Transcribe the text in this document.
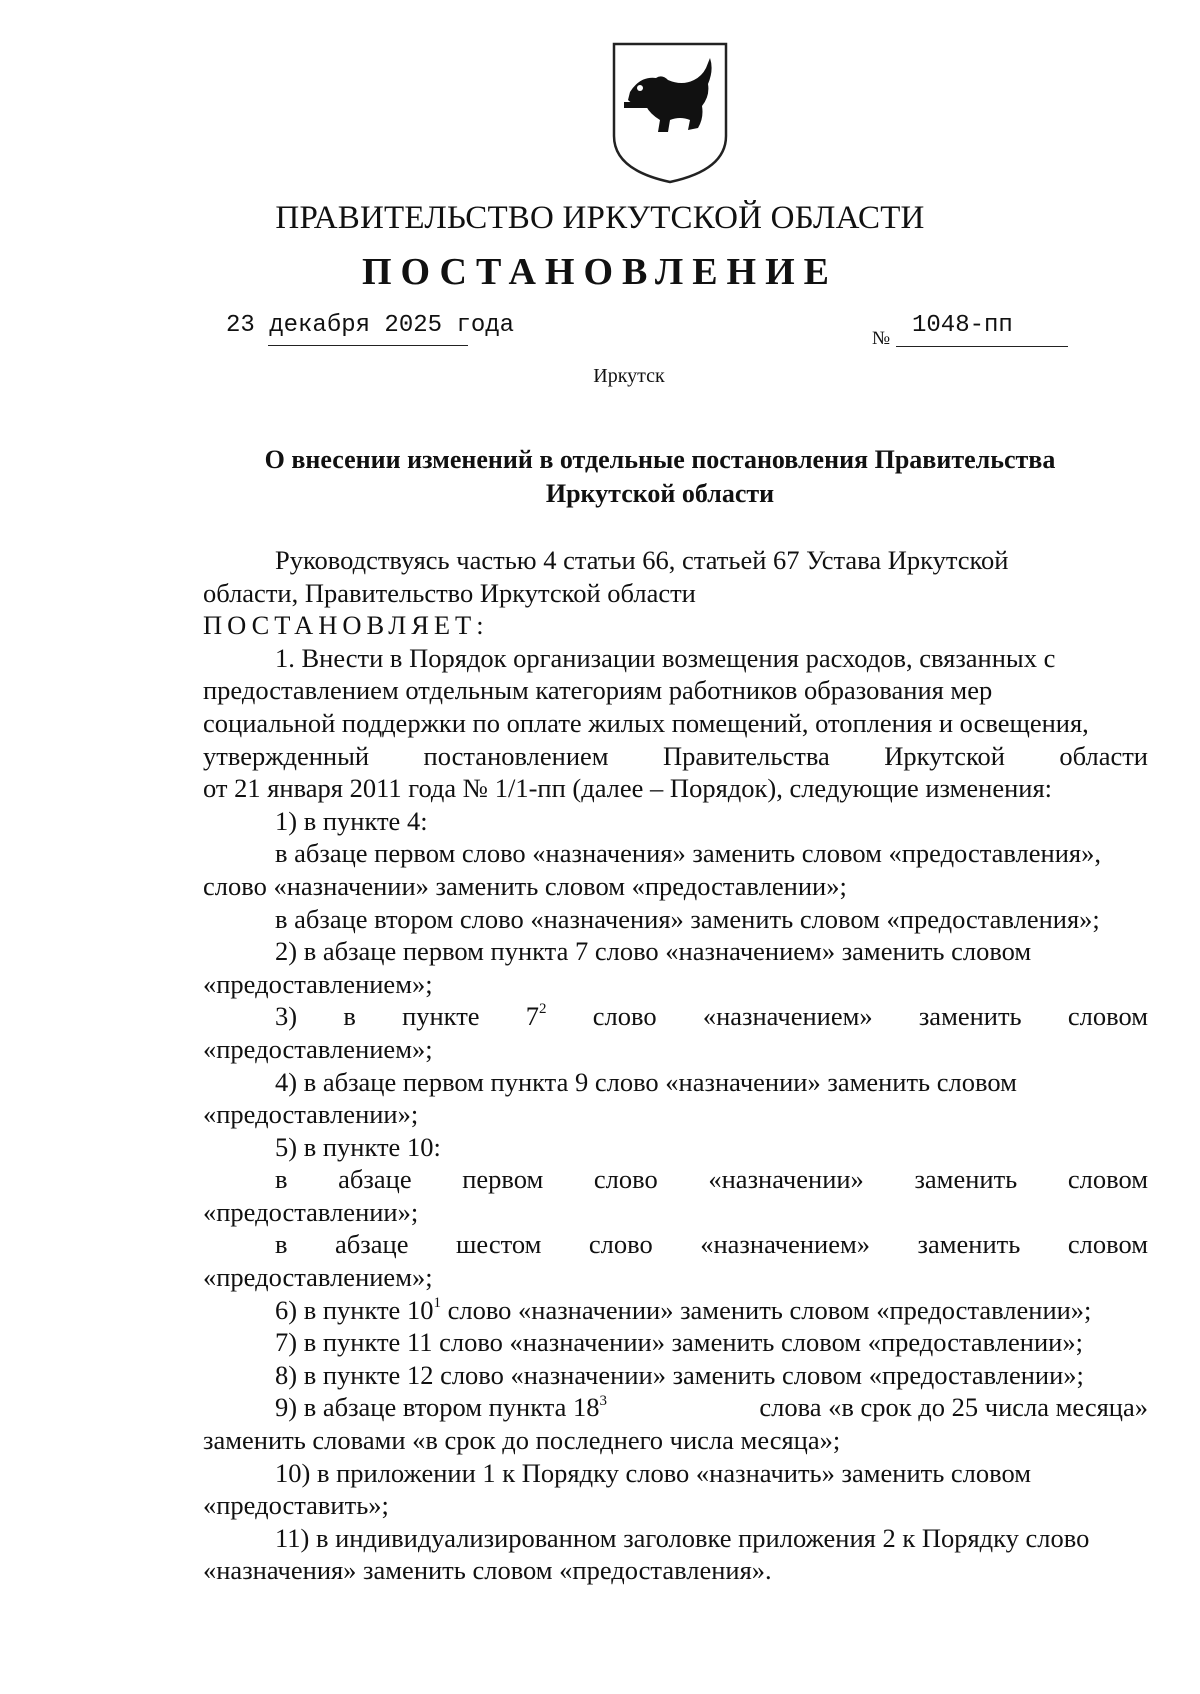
ПРАВИТЕЛЬСТВО ИРКУТСКОЙ ОБЛАСТИ
ПОСТАНОВЛЕНИЕ
23 декабря 2025 года	№ 1048-пп
Иркутск
О внесении изменений в отдельные постановления Правительства
Иркутской области

Руководствуясь частью 4 статьи 66, статьей 67 Устава Иркутской

области, Правительство Иркутской области

ПОСТАНОВЛЯЕТ:

1. Внести в Порядок организации возмещения расходов, связанных с

предоставлением отдельным категориям работников образования мер

социальной поддержки по оплате жилых помещений, отопления и освещения,

утвержденный постановлением Правительства Иркутской области

от 21 января 2011 года № 1/1-пп (далее – Порядок), следующие изменения:

1) в пункте 4:

в абзаце первом слово «назначения» заменить словом «предоставления»,

слово «назначении» заменить словом «предоставлении»;

в абзаце втором слово «назначения» заменить словом «предоставления»;

2) в абзаце первом пункта 7 слово «назначением» заменить словом

«предоставлением»;

3) в пункте $7^2$ слово «назначением» заменить словом

«предоставлением»;

4) в абзаце первом пункта 9 слово «назначении» заменить словом

«предоставлении»;

5) в пункте 10:

в абзаце первом слово «назначении» заменить словом

«предоставлении»;

в абзаце шестом слово «назначением» заменить словом

«предоставлением»;

6) в пункте $10^1$ слово «назначении» заменить словом «предоставлении»;

7) в пункте 11 слово «назначении» заменить словом «предоставлении»;

8) в пункте 12 слово «назначении» заменить словом «предоставлении»;

9) в абзаце втором пункта $18^3$	слова «в срок до 25 числа месяца»

заменить словами «в срок до последнего числа месяца»;

10) в приложении 1 к Порядку слово «назначить» заменить словом

«предоставить»;

11) в индивидуализированном заголовке приложения 2 к Порядку слово

«назначения» заменить словом «предоставления».
